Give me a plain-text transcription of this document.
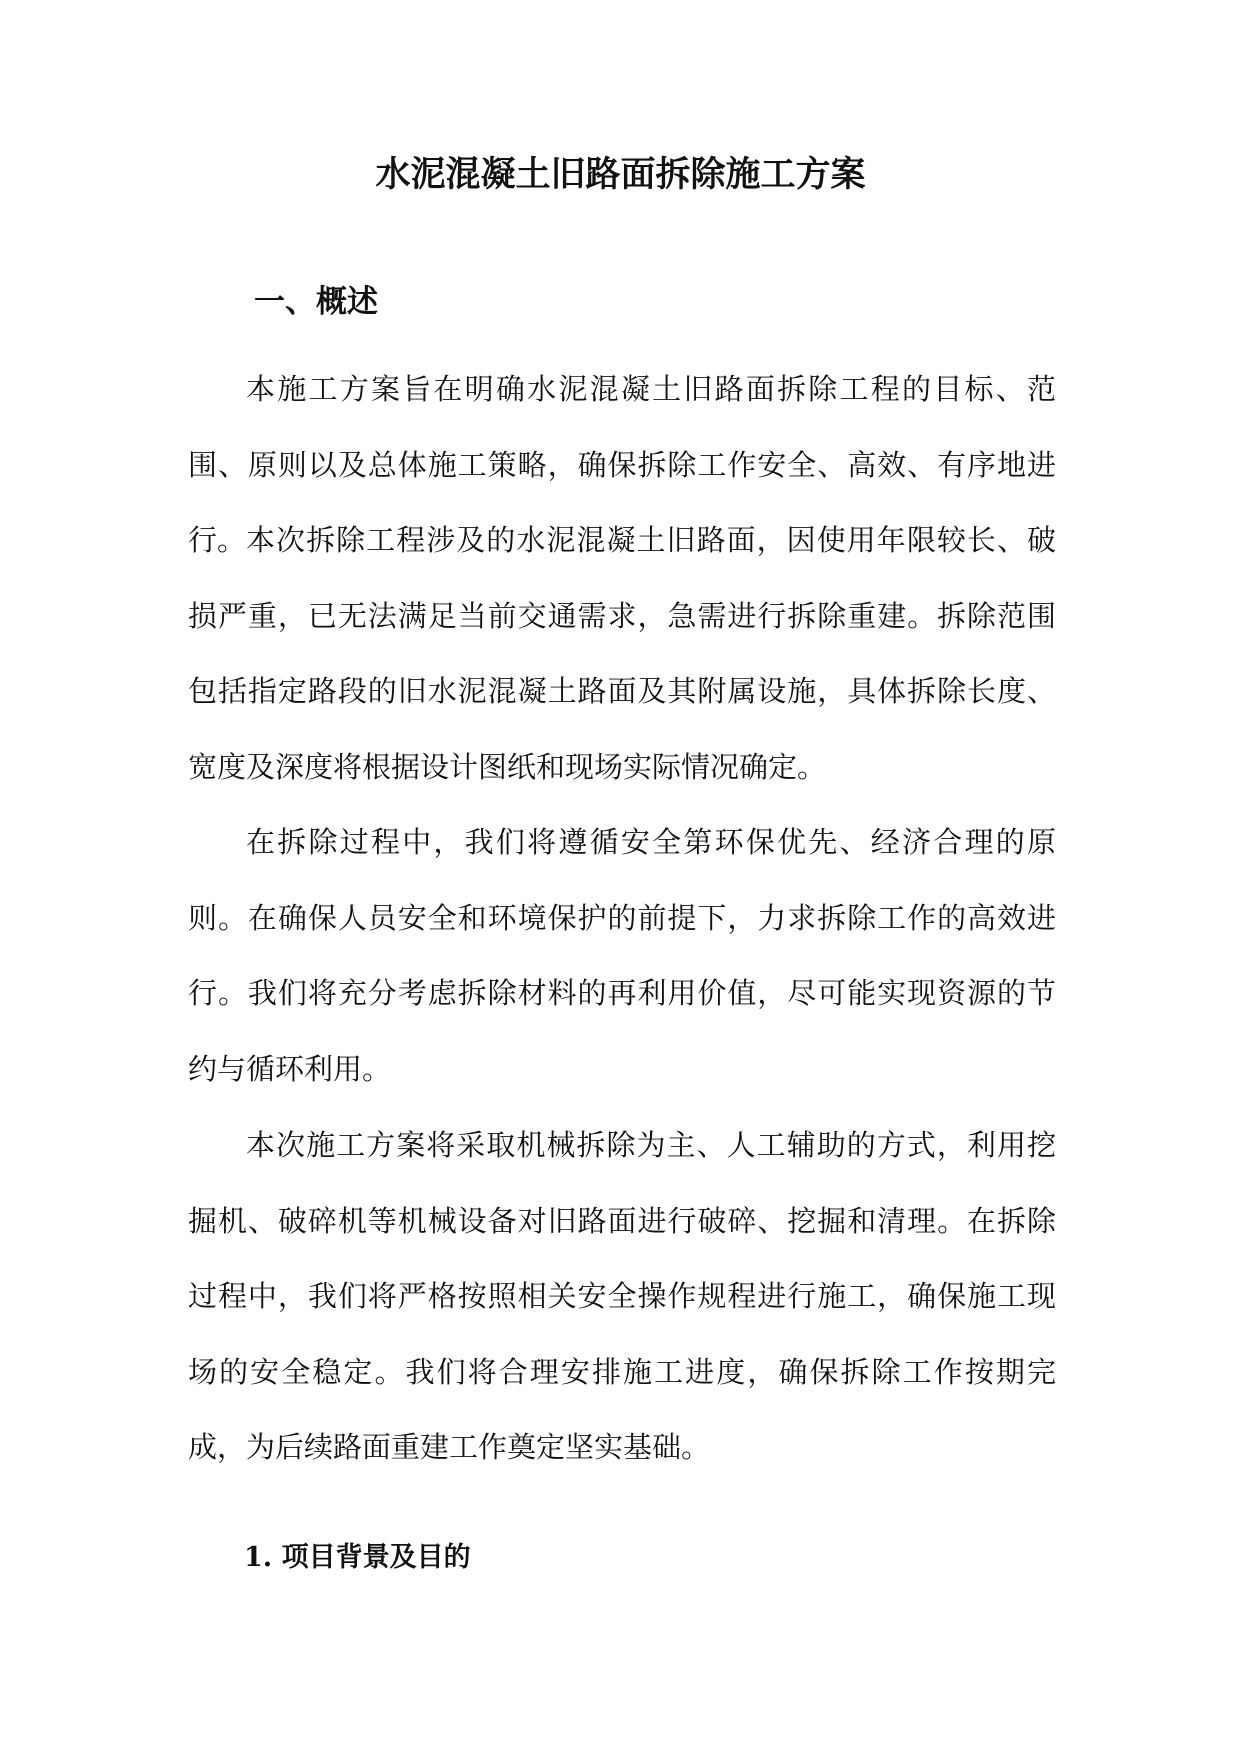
水泥混凝土旧路面拆除施工方案
一、概述

本施工方案旨在明确水泥混凝土旧路面拆除工程的目标、范围、原则以及总体施工策略，确保拆除工作安全、高效、有序地进行。 本次拆除工程涉及的水泥混凝土旧路面，因使用年限较长、破损严重，已无法满足当前交通需求，急需进行拆除重建。拆除范围包括指定路段的旧水泥混凝土路面及其附属设施，具体拆除长度、宽度及深度将根据设计图纸和现场实际情况确定。

在拆除过程中，我们将遵循安全第环保优先、经济合理的原则。在确保人员安全和环境保护的前提下，力求拆除工作的高效进行。我们将充分考虑拆除材料的再利用价值，尽可能实现资源的节约与循环利用。

本次施工方案将采取机械拆除为主、人工辅助的方式，利用挖掘机、破碎机等机械设备对旧路面进行破碎、挖掘和清理。在拆除过程中，我们将严格按照相关安全操作规程进行施工，确保施工现场的安全稳定。我们将合理安排施工进度，确保拆除工作按期完成，为后续路面重建工作奠定坚实基础。

1. 项目背景及目的
